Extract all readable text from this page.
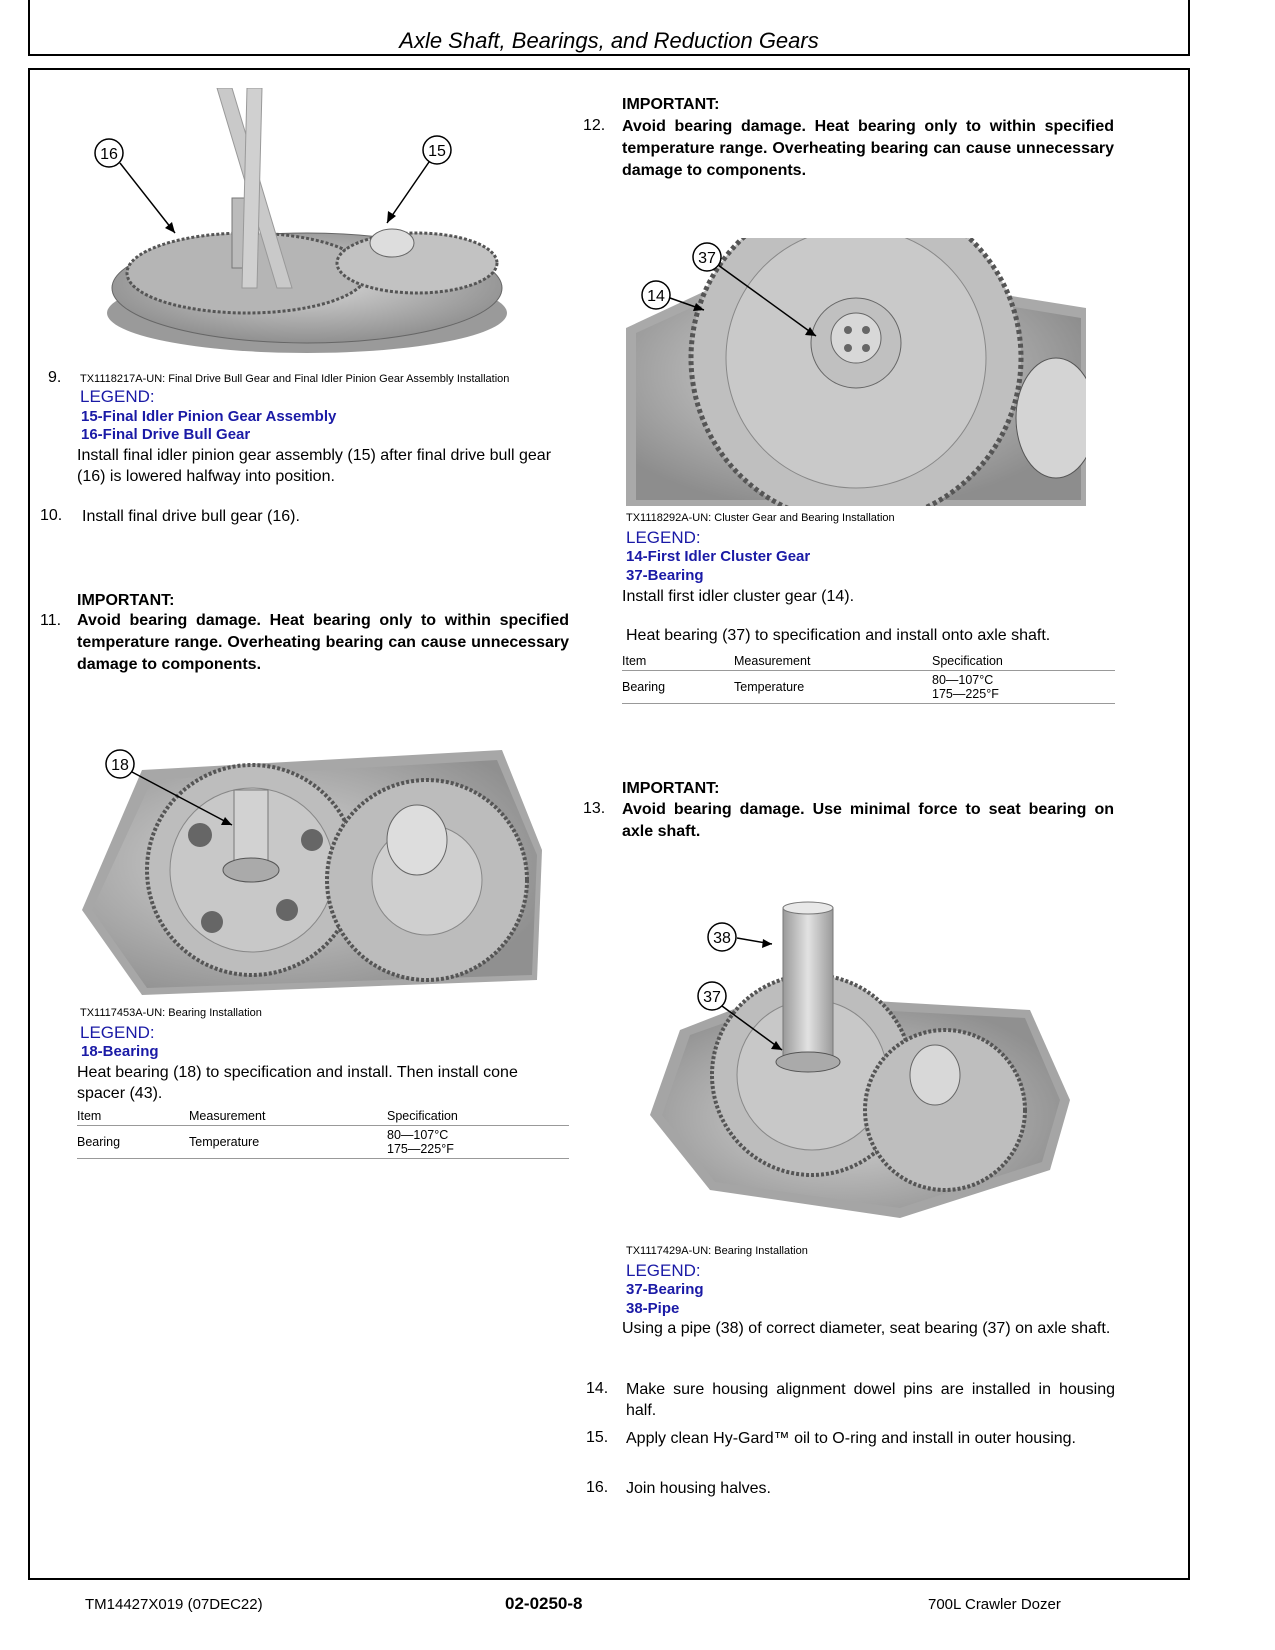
Axle Shaft, Bearings, and Reduction Gears
16	15
9. TX1118217A-UN: Final Drive Bull Gear and Final Idler Pinion Gear Assembly Installation
LEGEND:
15-Final Idler Pinion Gear Assembly
16-Final Drive Bull Gear
Install final idler pinion gear assembly (15) after final drive bull gear (16) is lowered halfway into position.
10. Install final drive bull gear (16).
IMPORTANT:
11. Avoid bearing damage. Heat bearing only to within specified temperature range. Overheating bearing can cause unnecessary damage to components.
18
TX1117453A-UN: Bearing Installation
LEGEND:
18-Bearing
Heat bearing (18) to specification and install. Then install cone spacer (43).
Item	Measurement	Specification
Bearing	Temperature	80—107°C
175—225°F
IMPORTANT:
12. Avoid bearing damage. Heat bearing only to within specified temperature range. Overheating bearing can cause unnecessary damage to components.
37
14
TX1118292A-UN: Cluster Gear and Bearing Installation
LEGEND:
14-First Idler Cluster Gear
37-Bearing
Install first idler cluster gear (14).
Heat bearing (37) to specification and install onto axle shaft.
Item	Measurement	Specification
Bearing	Temperature	80—107°C
175—225°F
IMPORTANT:
13. Avoid bearing damage. Use minimal force to seat bearing on axle shaft.
38
37
TX1117429A-UN: Bearing Installation
LEGEND:
37-Bearing
38-Pipe
Using a pipe (38) of correct diameter, seat bearing (37) on axle shaft.
14. Make sure housing alignment dowel pins are installed in housing half.
15. Apply clean Hy-Gard™ oil to O-ring and install in outer housing.
16. Join housing halves.
TM14427X019 (07DEC22)	02-0250-8	700L Crawler Dozer
